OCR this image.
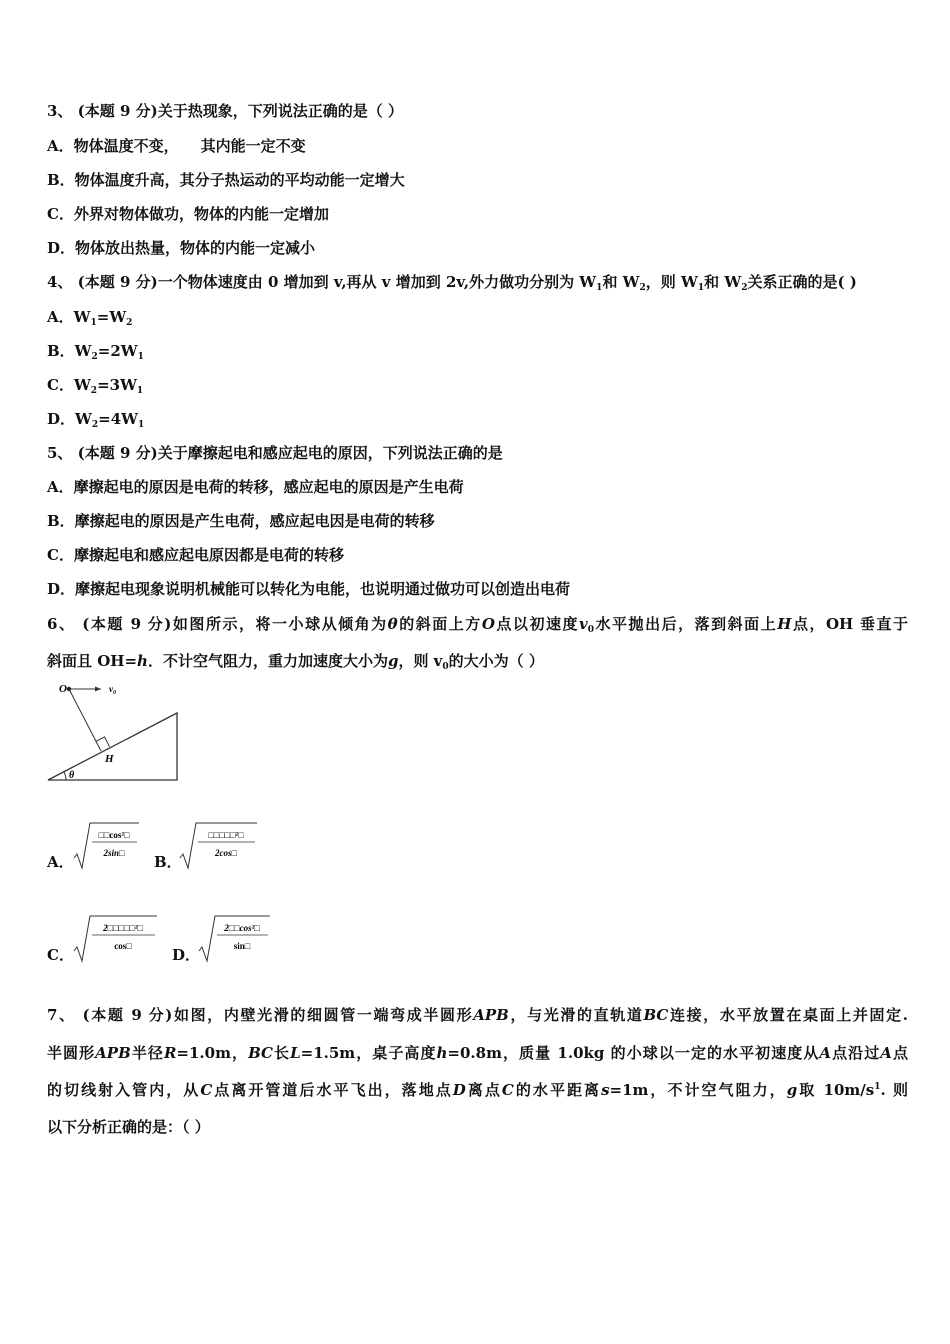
3、 (本题 9 分)关于热现象，下列说法正确的是（ ）
A．物体温度不变， 其内能一定不变
B．物体温度升高，其分子热运动的平均动能一定增大
C．外界对物体做功，物体的内能一定增加
D．物体放出热量，物体的内能一定减小
4、 (本题 9 分)一个物体速度由 0 增加到 v,再从 v 增加到 2v,外力做功分别为 $W_1$和 $W_2$，则 $W_1$和 $W_2$关系正确的是( )
A．$W_1=W_2$
B．$W_2=2W_1$
C．$W_2=3W_1$
D．$W_2=4W_1$
5、 (本题 9 分)关于摩擦起电和感应起电的原因，下列说法正确的是
A．摩擦起电的原因是电荷的转移，感应起电的原因是产生电荷
B．摩擦起电的原因是产生电荷，感应起电因是电荷的转移
C．摩擦起电和感应起电原因都是电荷的转移
D．摩擦起电现象说明机械能可以转化为电能，也说明通过做功可以创造出电荷
6、 (本题 9 分)如图所示，将一小球从倾角为θ的斜面上方O点以初速度$v_0$水平抛出后，落到斜面上H点，OH 垂直于
斜面且 OH=h．不计空气阻力，重力加速度大小为g，则 $v_0$的大小为（ ）
O	$v_0$
H
θ
A．
□□cos²□
2sin□ B．
□□□□□²□
2cos□
C．
2□□□□□²□
cos□	D．
2□□cos²□
sin□
7、 (本题 9 分)如图，内壁光滑的细圆管一端弯成半圆形APB，与光滑的直轨道BC连接，水平放置在桌面上并固定.
半圆形APB半径R=1.0m，BC长L=1.5m，桌子高度h=0.8m，质量 1.0kg 的小球以一定的水平初速度从A点沿过A点
的切线射入管内，从C点离开管道后水平飞出，落地点D离点C的水平距离s=1m，不计空气阻力，g取 $10m/s^1$. 则
以下分析正确的是：（ ）
